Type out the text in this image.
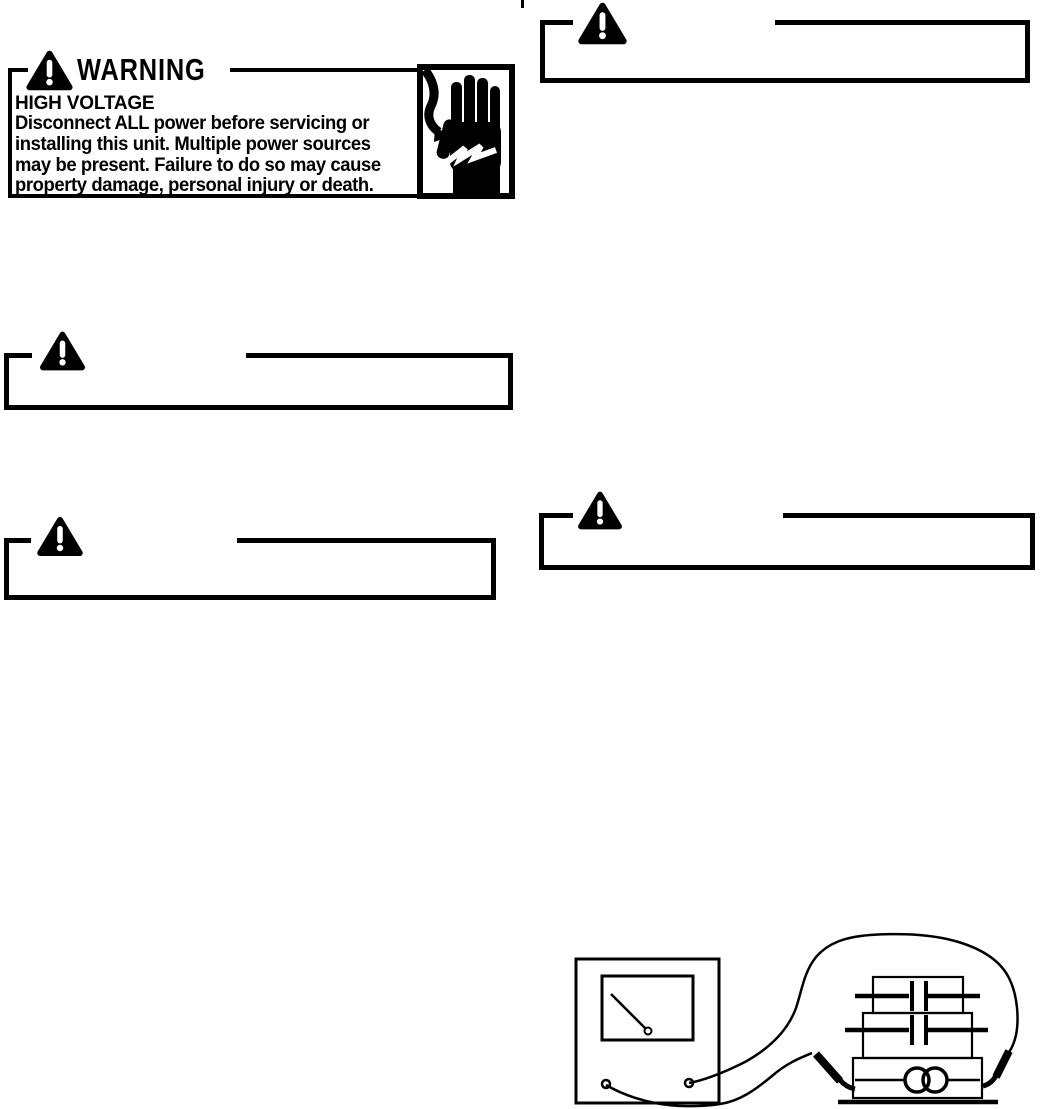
WARNING
HIGH VOLTAGE
Disconnect ALL power before servicing or
installing this unit. Multiple power sources
may be present. Failure to do so may cause
property damage, personal injury or death.
